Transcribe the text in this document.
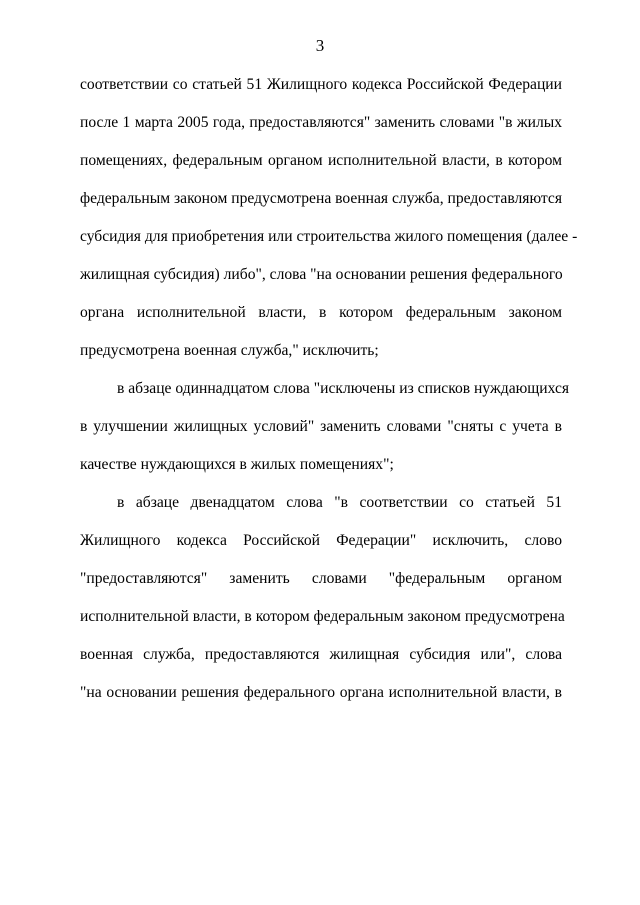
3
соответствии со статьей 51 Жилищного кодекса Российской Федерации
после 1 марта 2005 года, предоставляются" заменить словами "в жилых
помещениях, федеральным органом исполнительной власти, в котором
федеральным законом предусмотрена военная служба, предоставляются
субсидия для приобретения или строительства жилого помещения (далее -
жилищная субсидия) либо", слова "на основании решения федерального
органа исполнительной власти, в котором федеральным законом
предусмотрена военная служба," исключить;
в абзаце одиннадцатом слова "исключены из списков нуждающихся
в улучшении жилищных условий" заменить словами "сняты с учета в
качестве нуждающихся в жилых помещениях";
в абзаце двенадцатом слова "в соответствии со статьей 51
Жилищного кодекса Российской Федерации" исключить, слово
"предоставляются" заменить словами "федеральным органом
исполнительной власти, в котором федеральным законом предусмотрена
военная служба, предоставляются жилищная субсидия или", слова
"на основании решения федерального органа исполнительной власти, в
